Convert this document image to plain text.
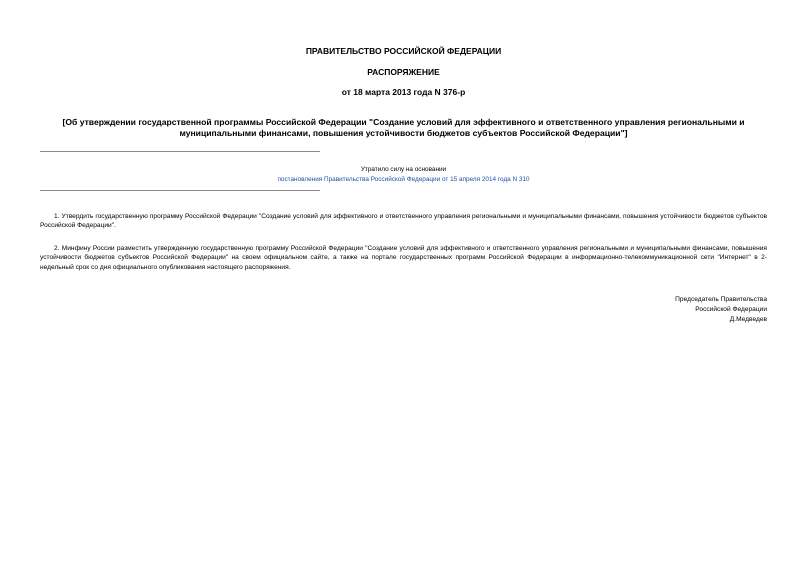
ПРАВИТЕЛЬСТВО РОССИЙСКОЙ ФЕДЕРАЦИИ
РАСПОРЯЖЕНИЕ
от 18 марта 2013 года N 376-р
[Об утверждении государственной программы Российской Федерации "Создание условий для эффективного и ответственного управления региональными и муниципальными финансами, повышения устойчивости бюджетов субъектов Российской Федерации"]
Утратило силу на основании
постановления Правительства Российской Федерации от 15 апреля 2014 года N 310
1. Утвердить государственную программу Российской Федерации "Создание условий для эффективного и ответственного управления региональными и муниципальными финансами, повышения устойчивости бюджетов субъектов Российской Федерации".
2. Минфину России разместить утвержденную государственную программу Российской Федерации "Создание условий для эффективного и ответственного управления региональными и муниципальными финансами, повышения устойчивости бюджетов субъектов Российской Федерации" на своем официальном сайте, а также на портале государственных программ Российской Федерации в информационно-телекоммуникационной сети "Интернет" в 2-недельный срок со дня официального опубликования настоящего распоряжения.
Председатель Правительства
Российской Федерации
Д.Медведев
